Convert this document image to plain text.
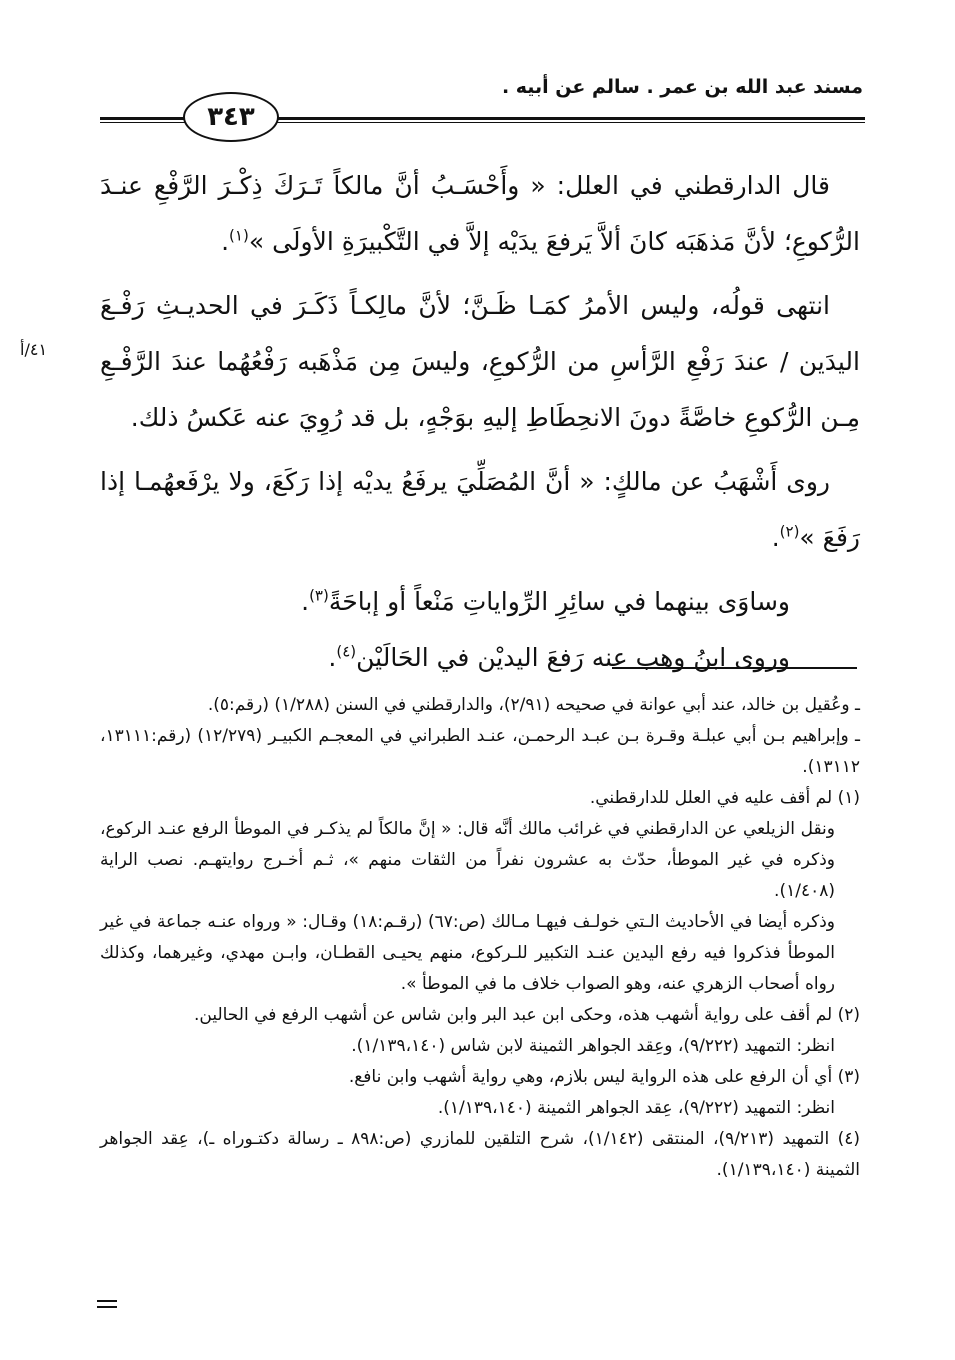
مسند عبد الله بن عمر . سالم عن أبيه .
٣٤٣
٤١/أ

قال الدارقطني في العلل: « وأَحْسَـبُ أنَّ مالكاً تَـرَكَ ذِكْـرَ الرَّفْعِ عنـدَ الرُّكوعِ؛ لأنَّ مَذهَبَه كانَ ألاَّ يَرفعَ يدَيْه إلاَّ في التَّكْبيرَةِ الأولَى »$^{(١)}$.

انتهى قولُه، وليس الأمرُ كمَـا ظَـنَّ؛ لأنَّ مالِكـاً ذَكَـرَ في الحديـثِ رَفْـعَ اليدَين / عندَ رَفْعِ الرَّأسِ من الرُّكوعِ، وليسَ مِن مَذْهَبه رَفْعُهُما عندَ الرَّفْـعِ مِـن الرُّكوعِ خاصَّةً دونَ الانحِطَاطِ إليهِ بوَجْهٍ، بل قد رُوِيَ عنه عَكسُ ذلك.

روى أَشْهَبُ عن مالكٍ: « أنَّ المُصَلِّيَ يرفَعُ يديْه إذا رَكَعَ، ولا يرْفَعهُمـا إذا رَفَعَ »$^{(٢)}$.

وساوَى بينهما في سائِرِ الرِّواياتِ مَنْعاً أو إباحَةً$^{(٣)}$.

وروى ابنُ وهب عنه رَفعَ اليديْن في الحَالَيْن$^{(٤)}$.

ـ وعُقيل بن خالد، عند أبي عوانة في صحيحه (٢/٩١)، والدارقطني في السنن (١/٢٨٨) (رقم:٥).

ـ وإبراهيم بـن أبي عبلـة وقـرة بـن عبـد الرحمـن، عنـد الطبراني في المعجـم الكبيـر (١٢/٢٧٩) (رقم:١٣١١١، ١٣١١٢).

(١) لم أقف عليه في العلل للدارقطني.

ونقل الزيلعي عن الدارقطني في غرائب مالك أنَّه قال: « إنَّ مالكاً لم يذكـر في الموطأ الرفع عنـد الركوع، وذكره في غير الموطأ، حدّث به عشرون نفراً من الثقات منهم »، ثـم أخـرج روايتهـم. نصب الراية (١/٤٠٨).

وذكره أيضا في الأحاديث الـتي خولـف فيهـا مـالك (ص:٦٧) (رقـم:١٨) وقـال: « ورواه عنـه جماعة في غير الموطأ فذكروا فيه رفع اليدين عنـد التكبير للـركوع، منهم يحيـى القطـان، وابـن مهدي، وغيرهما، وكذلك رواه أصحاب الزهري عنه، وهو الصواب خلاف ما في الموطأ ».

(٢) لم أقف على رواية أشهب هذه، وحكى ابن عبد البر وابن شاس عن أشهب الرفع في الحالين.

انظر: التمهيد (٩/٢٢٢)، وعِقد الجواهر الثمينة لابن شاس (١/١٣٩،١٤٠).

(٣) أي أن الرفع على هذه الرواية ليس بلازم، وهي رواية أشهب وابن نافع.

انظر: التمهيد (٩/٢٢٢)، عِقد الجواهر الثمينة (١/١٣٩،١٤٠).

(٤) التمهيد (٩/٢١٣)، المنتقى (١/١٤٢)، شرح التلقين للمازري (ص:٨٩٨ ـ رسالة دكتـوراه ـ)، عِقد الجواهر الثمينة (١/١٣٩،١٤٠).
